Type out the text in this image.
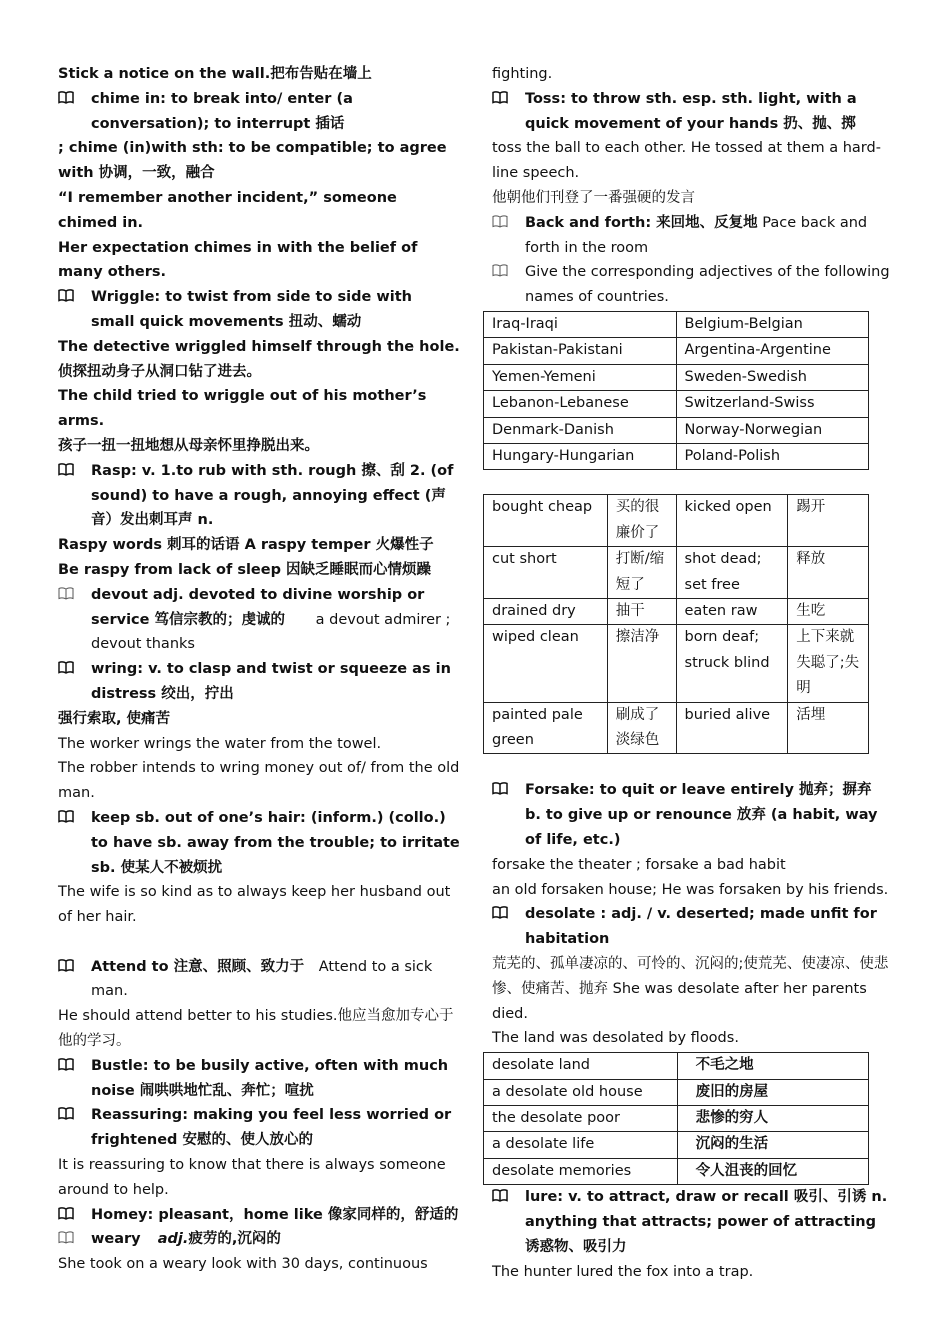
Stick a notice on the wall.把布告贴在墙上

chime in: to break into/ enter (a conversation); to interrupt 插话

; chime (in)with sth: to be compatible; to agree with 协调，一致，融合

“I remember another incident,” someone chimed in.

Her expectation chimes in with the belief of many others.

Wriggle: to twist from side to side with small quick movements 扭动、蠕动

The detective wriggled himself through the hole. 侦探扭动身子从洞口钻了进去。

The child tried to wriggle out of his mother’s arms.

孩子一扭一扭地想从母亲怀里挣脱出来。

Rasp: v. 1.to rub with sth. rough 擦、刮 2. (of sound) to have a rough, annoying effect (声音）发出刺耳声 n.

Raspy words 刺耳的话语 A raspy temper 火爆性子

Be raspy from lack of sleep 因缺乏睡眠而心情烦躁

devout adj. devoted to divine worship or service 笃信宗教的；虔诚的 a devout admirer ; devout thanks
wring: v. to clasp and twist or squeeze as in distress 绞出，拧出

强行索取, 使痛苦

The worker wrings the water from the towel.

The robber intends to wring money out of/ from the old man.

keep sb. out of one’s hair: (inform.) (collo.) to have sb. away from the trouble; to irritate sb. 使某人不被烦扰

The wife is so kind as to always keep her husband out of her hair.

Attend to 注意、照顾、致力于 Attend to a sick man.

He should attend better to his studies.他应当愈加专心于他的学习。

Bustle: to be busily active, often with much noise 闹哄哄地忙乱、奔忙；喧扰
Reassuring: making you feel less worried or frightened 安慰的、使人放心的

It is reassuring to know that there is always someone around to help.

Homey: pleasant，home like 像家同样的，舒适的
weary adj.疲劳的,沉闷的

She took on a weary look with 30 days, continuous

fighting.

Toss: to throw sth. esp. sth. light, with a quick movement of your hands 扔、抛、掷

toss the ball to each other. He tossed at them a hard-line speech.

他朝他们刊登了一番强硬的发言

Back and forth: 来回地、反复地 Pace back and forth in the room
Give the corresponding adjectives of the following names of countries.
Iraq-Iraqi	Belgium-Belgian
Pakistan-Pakistani	Argentina-Argentine
Yemen-Yemeni	Sweden-Swedish
Lebanon-Lebanese	Switzerland-Swiss
Denmark-Danish	Norway-Norwegian
Hungary-Hungarian	Poland-Polish
bought cheap	买的很廉价了	kicked open	踢开
cut short	打断/缩短了	shot dead; set free	释放
drained dry	抽干	eaten raw	生吃
wiped clean	擦洁净	born deaf; struck blind	上下来就失聪了;失明
painted pale green	刷成了淡绿色	buried alive	活埋
Forsake: to quit or leave entirely 抛弃；摒弃 b. to give up or renounce 放弃 (a habit, way of life, etc.)

forsake the theater ; forsake a bad habit

an old forsaken house; He was forsaken by his friends.

desolate : adj. / v. deserted; made unfit for habitation

荒芜的、孤单凄凉的、可怜的、沉闷的;使荒芜、使凄凉、使悲惨、使痛苦、抛弃 She was desolate after her parents died.

The land was desolated by floods.

desolate land	不毛之地
a desolate old house	废旧的房屋
the desolate poor	悲惨的穷人
a desolate life	沉闷的生活
desolate memories	令人沮丧的回忆
lure: v. to attract, draw or recall 吸引、引诱 n. anything that attracts; power of attracting 诱惑物、吸引力

The hunter lured the fox into a trap.
